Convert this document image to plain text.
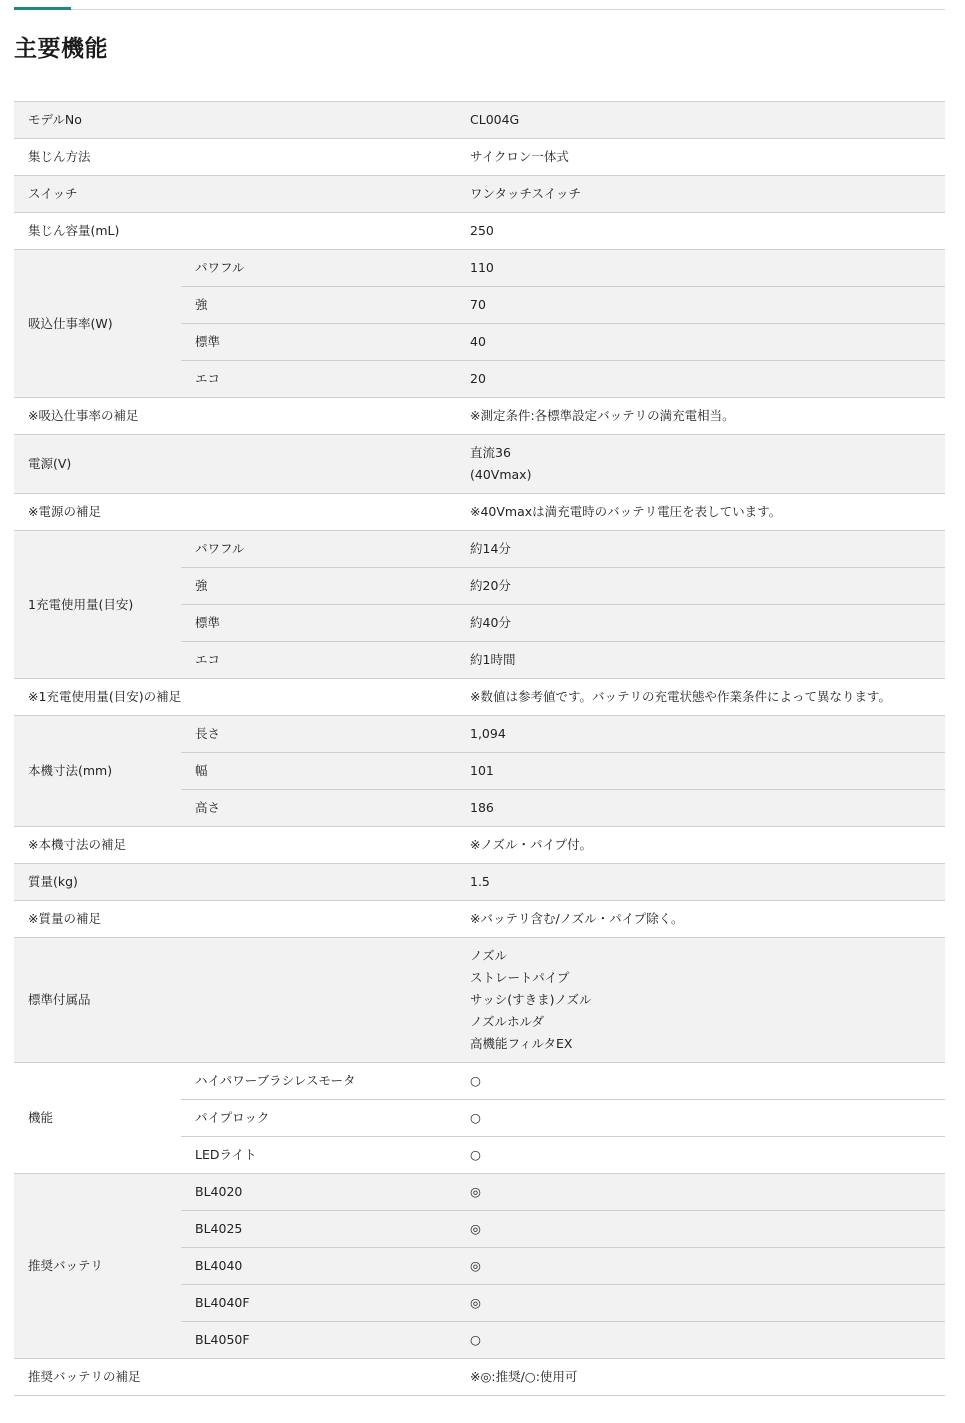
主要機能
モデルNo		CL004G
集じん方法		サイクロン一体式
スイッチ		ワンタッチスイッチ
集じん容量(mL)		250
吸込仕事率(W)	パワフル	110
	強	70
	標準	40
	エコ	20
※吸込仕事率の補足		※測定条件:各標準設定バッテリの満充電相当。
電源(V)		直流36
(40Vmax)

※電源の補足		※40Vmaxは満充電時のバッテリ電圧を表しています。
1充電使用量(目安)	パワフル	約14分
	強	約20分
	標準	約40分
	エコ	約1時間
※1充電使用量(目安)の補足		※数値は参考値です。バッテリの充電状態や作業条件によって異なります。
本機寸法(mm)	長さ	1,094
	幅	101
	高さ	186
※本機寸法の補足		※ノズル・パイプ付。
質量(kg)		1.5
※質量の補足		※バッテリ含む/ノズル・パイプ除く。
標準付属品		ノズル
ストレートパイプ
サッシ(すきま)ノズル
ノズルホルダ
高機能フィルタEX

機能	ハイパワーブラシレスモータ	○
	パイプロック	○
	LEDライト	○
推奨バッテリ	BL4020	◎
	BL4025	◎
	BL4040	◎
	BL4040F	◎
	BL4050F	○
推奨バッテリの補足		※◎:推奨/○:使用可
